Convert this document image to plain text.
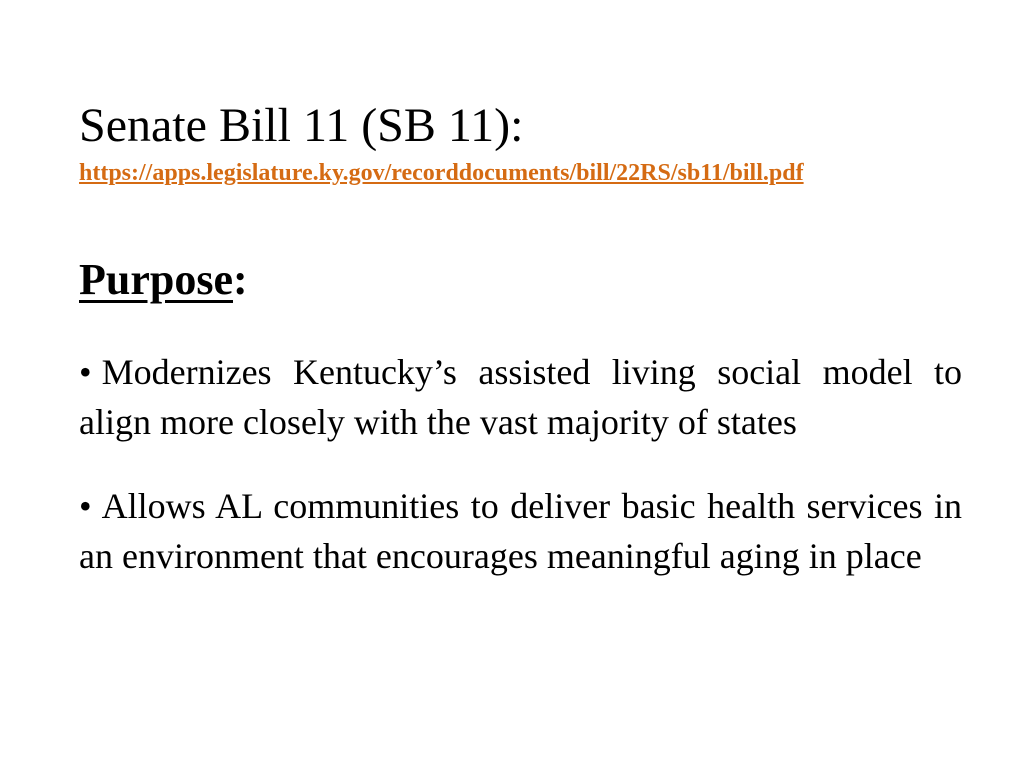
Senate Bill 11 (SB 11):
https://apps.legislature.ky.gov/recorddocuments/bill/22RS/sb11/bill.pdf
Purpose:
• Modernizes Kentucky’s assisted living social model to align more closely with the vast majority of states
• Allows AL communities to deliver basic health services in an environment that encourages meaningful aging in place
